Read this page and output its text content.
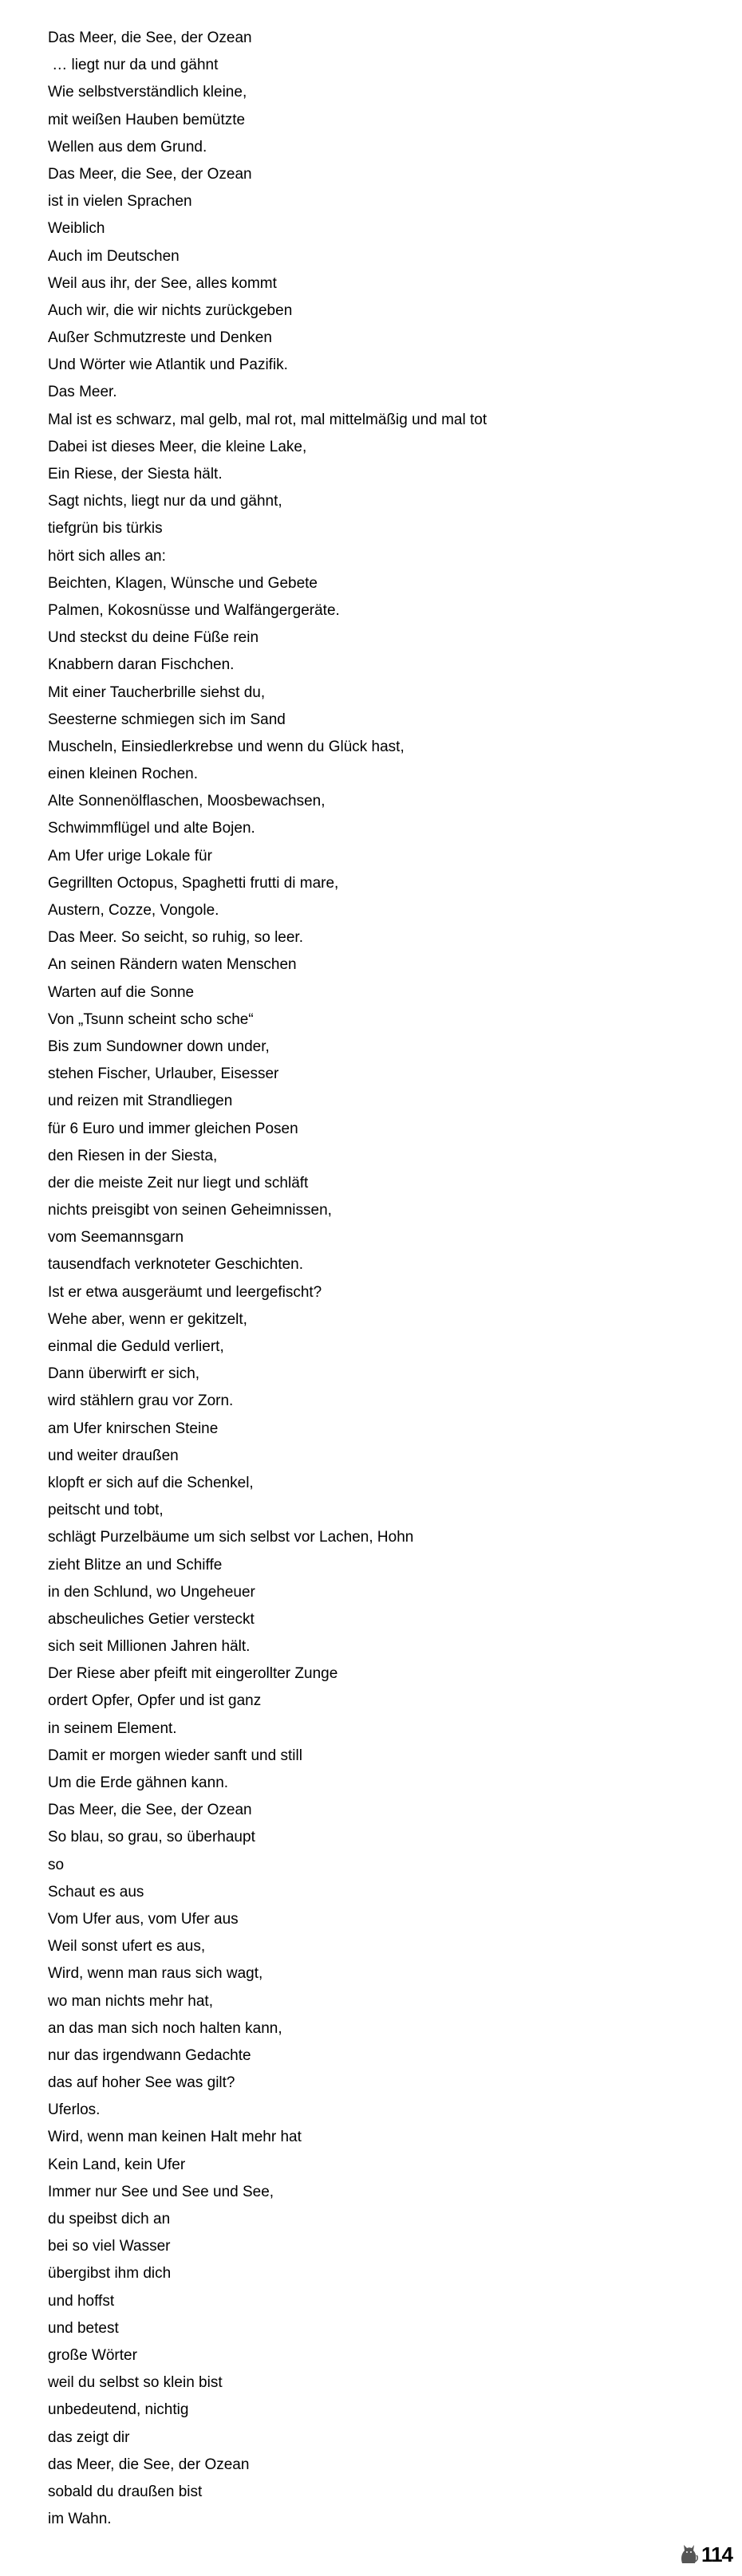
Das Meer, die See, der Ozean
… liegt nur da und gähnt
Wie selbstverständlich kleine,
mit weißen Hauben bemützte
Wellen aus dem Grund.
Das Meer, die See, der Ozean
ist in vielen Sprachen
Weiblich
Auch im Deutschen
Weil aus ihr, der See, alles kommt
Auch wir, die wir nichts zurückgeben
Außer Schmutzreste und Denken
Und Wörter wie Atlantik und Pazifik.
Das Meer.
Mal ist es schwarz, mal gelb, mal rot, mal mittelmäßig und mal tot
Dabei ist dieses Meer, die kleine Lake,
Ein Riese, der Siesta hält.
Sagt nichts, liegt nur da und gähnt,
tiefgrün bis türkis
hört sich alles an:
Beichten, Klagen, Wünsche und Gebete
Palmen, Kokosnüsse und Walfängergeräte.
Und steckst du deine Füße rein
Knabbern daran Fischchen.
Mit einer Taucherbrille siehst du,
Seesterne schmiegen sich im Sand
Muscheln, Einsiedlerkrebse und wenn du Glück hast,
einen kleinen Rochen.
Alte Sonnenölflaschen, Moosbewachsen,
Schwimmflügel und alte Bojen.
Am Ufer urige Lokale für
Gegrillten Octopus, Spaghetti frutti di mare,
Austern, Cozze, Vongole.
Das Meer. So seicht, so ruhig, so leer.
An seinen Rändern waten Menschen
Warten auf die Sonne
Von „Tsunn scheint scho sche“
Bis zum Sundowner down under,
stehen Fischer, Urlauber, Eisesser
und reizen mit Strandliegen
für 6 Euro und immer gleichen Posen
den Riesen in der Siesta,
der die meiste Zeit nur liegt und schläft
nichts preisgibt von seinen Geheimnissen,
vom Seemannsgarn
tausendfach verknoteter Geschichten.
Ist er etwa ausgeräumt und leergefischt?
Wehe aber, wenn er gekitzelt,
einmal die Geduld verliert,
Dann überwirft er sich,
wird stählern grau vor Zorn.
am Ufer knirschen Steine
und weiter draußen
klopft er sich auf die Schenkel,
peitscht und tobt,
schlägt Purzelbäume um sich selbst vor Lachen, Hohn
zieht Blitze an und Schiffe
in den Schlund, wo Ungeheuer
abscheuliches Getier versteckt
sich seit Millionen Jahren hält.
Der Riese aber pfeift mit eingerollter Zunge
ordert Opfer, Opfer und ist ganz
in seinem Element.
Damit er morgen wieder sanft und still
Um die Erde gähnen kann.
Das Meer, die See, der Ozean
So blau, so grau, so überhaupt
so
Schaut es aus
Vom Ufer aus, vom Ufer aus
Weil sonst ufert es aus,
Wird, wenn man raus sich wagt,
wo man nichts mehr hat,
an das man sich noch halten kann,
nur das irgendwann Gedachte
das auf hoher See was gilt?
Uferlos.
Wird, wenn man keinen Halt mehr hat
Kein Land, kein Ufer
Immer nur See und See und See,
du speibst dich an
bei so viel Wasser
übergibst ihm dich
und hoffst
und betest
große Wörter
weil du selbst so klein bist
unbedeutend, nichtig
das zeigt dir
das Meer, die See, der Ozean
sobald du draußen bist
im Wahn.
114
